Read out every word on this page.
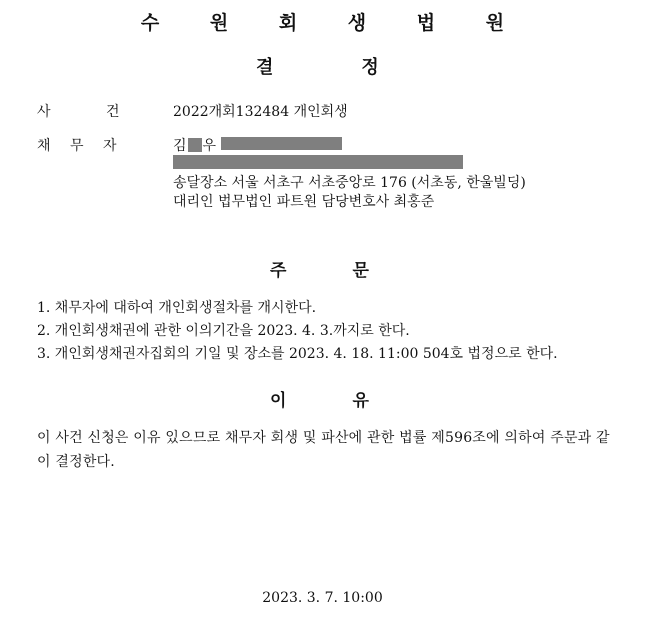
수 원 회 생 법 원
결	정
사	건	2022개회132484 개인회생
채 무 자	김 우
송달장소 서울 서초구 서초중앙로 176 (서초동, 한울빌딩)
대리인 법무법인 파트원 담당변호사 최홍준
주	문
1. 채무자에 대하여 개인회생절차를 개시한다.
2. 개인회생채권에 관한 이의기간을 2023. 4. 3.까지로 한다.
3. 개인회생채권자집회의 기일 및 장소를 2023. 4. 18. 11:00 504호 법정으로 한다.
이	유
이 사건 신청은 이유 있으므로 채무자 회생 및 파산에 관한 법률 제596조에 의하여 주문과 같이 결정한다.
2023. 3. 7. 10:00
